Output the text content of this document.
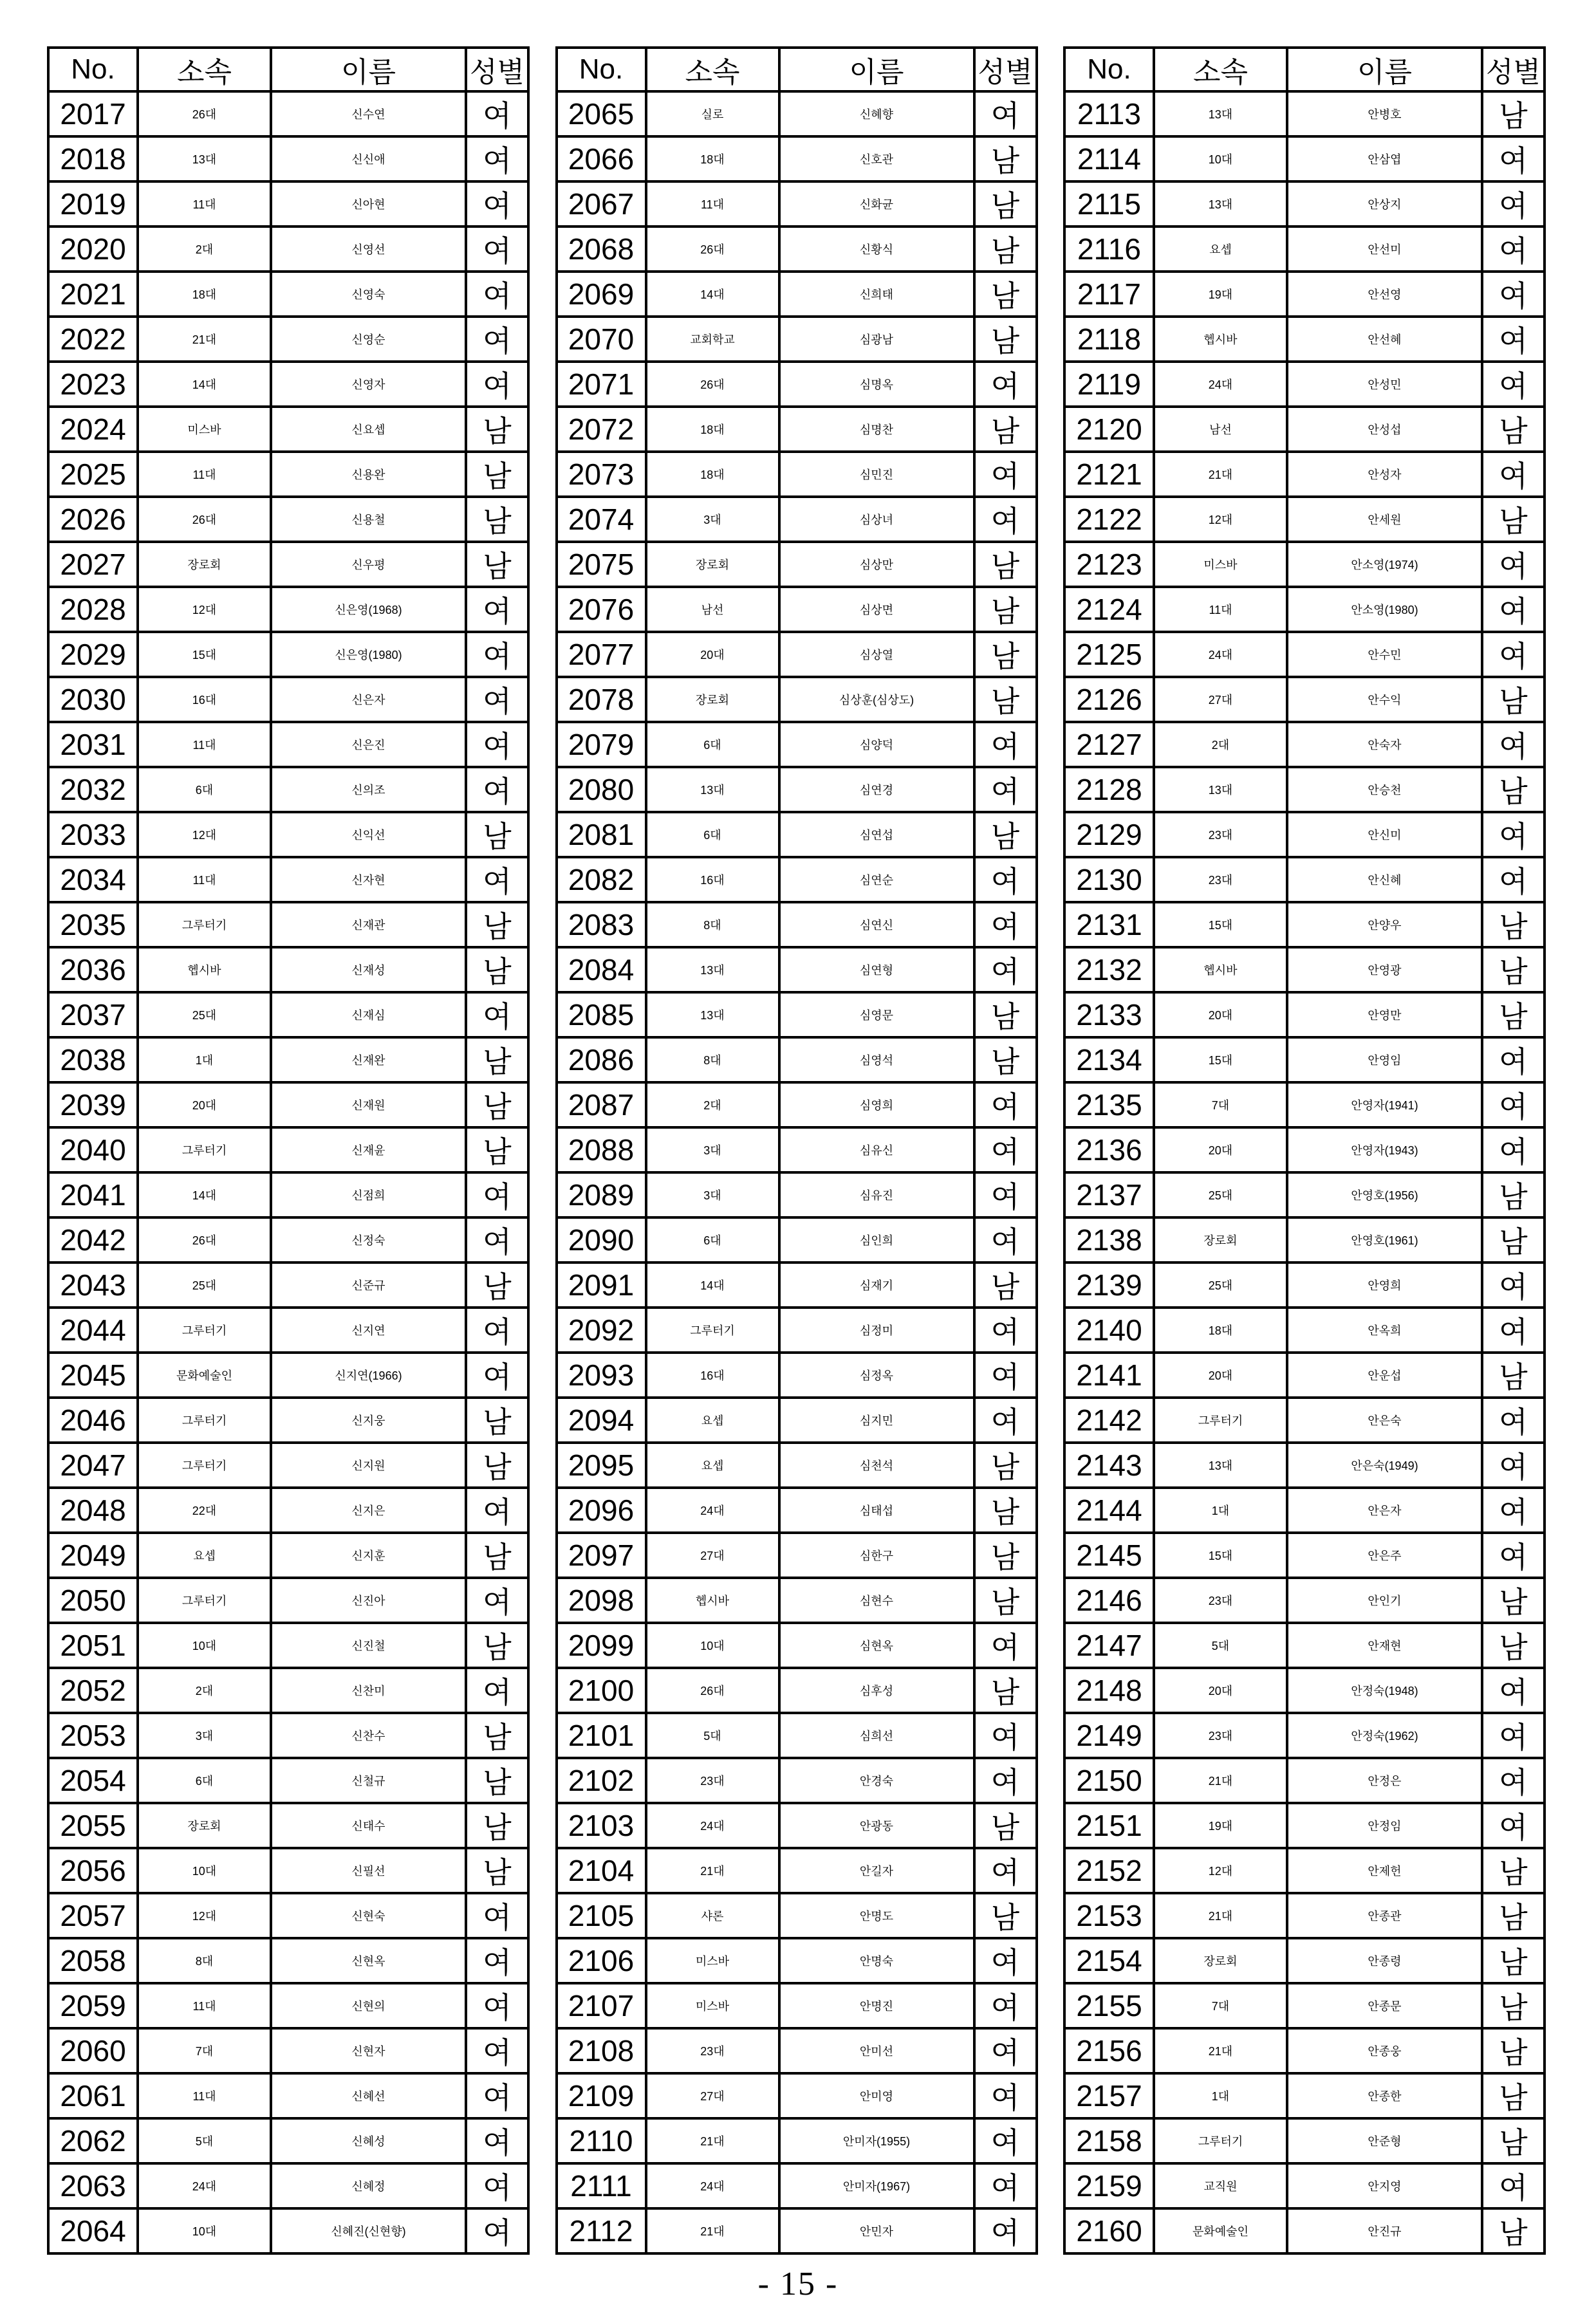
No.	소속	이름	성별
2017	26대	신수연	여
2018	13대	신신애	여
2019	11대	신아현	여
2020	2대	신영선	여
2021	18대	신영숙	여
2022	21대	신영순	여
2023	14대	신영자	여
2024	미스바	신요셉	남
2025	11대	신용완	남
2026	26대	신용철	남
2027	장로회	신우평	남
2028	12대	신은영(1968)	여
2029	15대	신은영(1980)	여
2030	16대	신은자	여
2031	11대	신은진	여
2032	6대	신의조	여
2033	12대	신익선	남
2034	11대	신자현	여
2035	그루터기	신재관	남
2036	헵시바	신재성	남
2037	25대	신재심	여
2038	1대	신재완	남
2039	20대	신재원	남
2040	그루터기	신재윤	남
2041	14대	신점희	여
2042	26대	신정숙	여
2043	25대	신준규	남
2044	그루터기	신지연	여
2045	문화예술인	신지연(1966)	여
2046	그루터기	신지웅	남
2047	그루터기	신지원	남
2048	22대	신지은	여
2049	요셉	신지훈	남
2050	그루터기	신진아	여
2051	10대	신진철	남
2052	2대	신찬미	여
2053	3대	신찬수	남
2054	6대	신철규	남
2055	장로회	신태수	남
2056	10대	신필선	남
2057	12대	신현숙	여
2058	8대	신현옥	여
2059	11대	신현의	여
2060	7대	신현자	여
2061	11대	신혜선	여
2062	5대	신혜성	여
2063	24대	신혜정	여
2064	10대	신혜진(신현향)	여
No.	소속	이름	성별
2065	실로	신혜향	여
2066	18대	신호관	남
2067	11대	신화균	남
2068	26대	신황식	남
2069	14대	신희태	남
2070	교회학교	심광남	남
2071	26대	심명옥	여
2072	18대	심명찬	남
2073	18대	심민진	여
2074	3대	심상녀	여
2075	장로회	심상만	남
2076	남선	심상면	남
2077	20대	심상열	남
2078	장로회	심상훈(심상도)	남
2079	6대	심양덕	여
2080	13대	심연경	여
2081	6대	심연섭	남
2082	16대	심연순	여
2083	8대	심연신	여
2084	13대	심연형	여
2085	13대	심영문	남
2086	8대	심영석	남
2087	2대	심영희	여
2088	3대	심유신	여
2089	3대	심유진	여
2090	6대	심인희	여
2091	14대	심재기	남
2092	그루터기	심정미	여
2093	16대	심정옥	여
2094	요셉	심지민	여
2095	요셉	심천석	남
2096	24대	심태섭	남
2097	27대	심한구	남
2098	헵시바	심현수	남
2099	10대	심현옥	여
2100	26대	심후성	남
2101	5대	심희선	여
2102	23대	안경숙	여
2103	24대	안광동	남
2104	21대	안길자	여
2105	샤론	안명도	남
2106	미스바	안명숙	여
2107	미스바	안명진	여
2108	23대	안미선	여
2109	27대	안미영	여
2110	21대	안미자(1955)	여
2111	24대	안미자(1967)	여
2112	21대	안민자	여
No.	소속	이름	성별
2113	13대	안병호	남
2114	10대	안삼엽	여
2115	13대	안상지	여
2116	요셉	안선미	여
2117	19대	안선영	여
2118	헵시바	안선혜	여
2119	24대	안성민	여
2120	남선	안성섭	남
2121	21대	안성자	여
2122	12대	안세원	남
2123	미스바	안소영(1974)	여
2124	11대	안소영(1980)	여
2125	24대	안수민	여
2126	27대	안수익	남
2127	2대	안숙자	여
2128	13대	안승천	남
2129	23대	안신미	여
2130	23대	안신혜	여
2131	15대	안양우	남
2132	헵시바	안영광	남
2133	20대	안영만	남
2134	15대	안영임	여
2135	7대	안영자(1941)	여
2136	20대	안영자(1943)	여
2137	25대	안영호(1956)	남
2138	장로회	안영호(1961)	남
2139	25대	안영희	여
2140	18대	안옥희	여
2141	20대	안운섭	남
2142	그루터기	안은숙	여
2143	13대	안은숙(1949)	여
2144	1대	안은자	여
2145	15대	안은주	여
2146	23대	안인기	남
2147	5대	안재현	남
2148	20대	안정숙(1948)	여
2149	23대	안정숙(1962)	여
2150	21대	안정은	여
2151	19대	안정임	여
2152	12대	안제헌	남
2153	21대	안종관	남
2154	장로회	안종령	남
2155	7대	안종문	남
2156	21대	안종웅	남
2157	1대	안종한	남
2158	그루터기	안준형	남
2159	교직원	안지영	여
2160	문화예술인	안진규	남
- 15 -
